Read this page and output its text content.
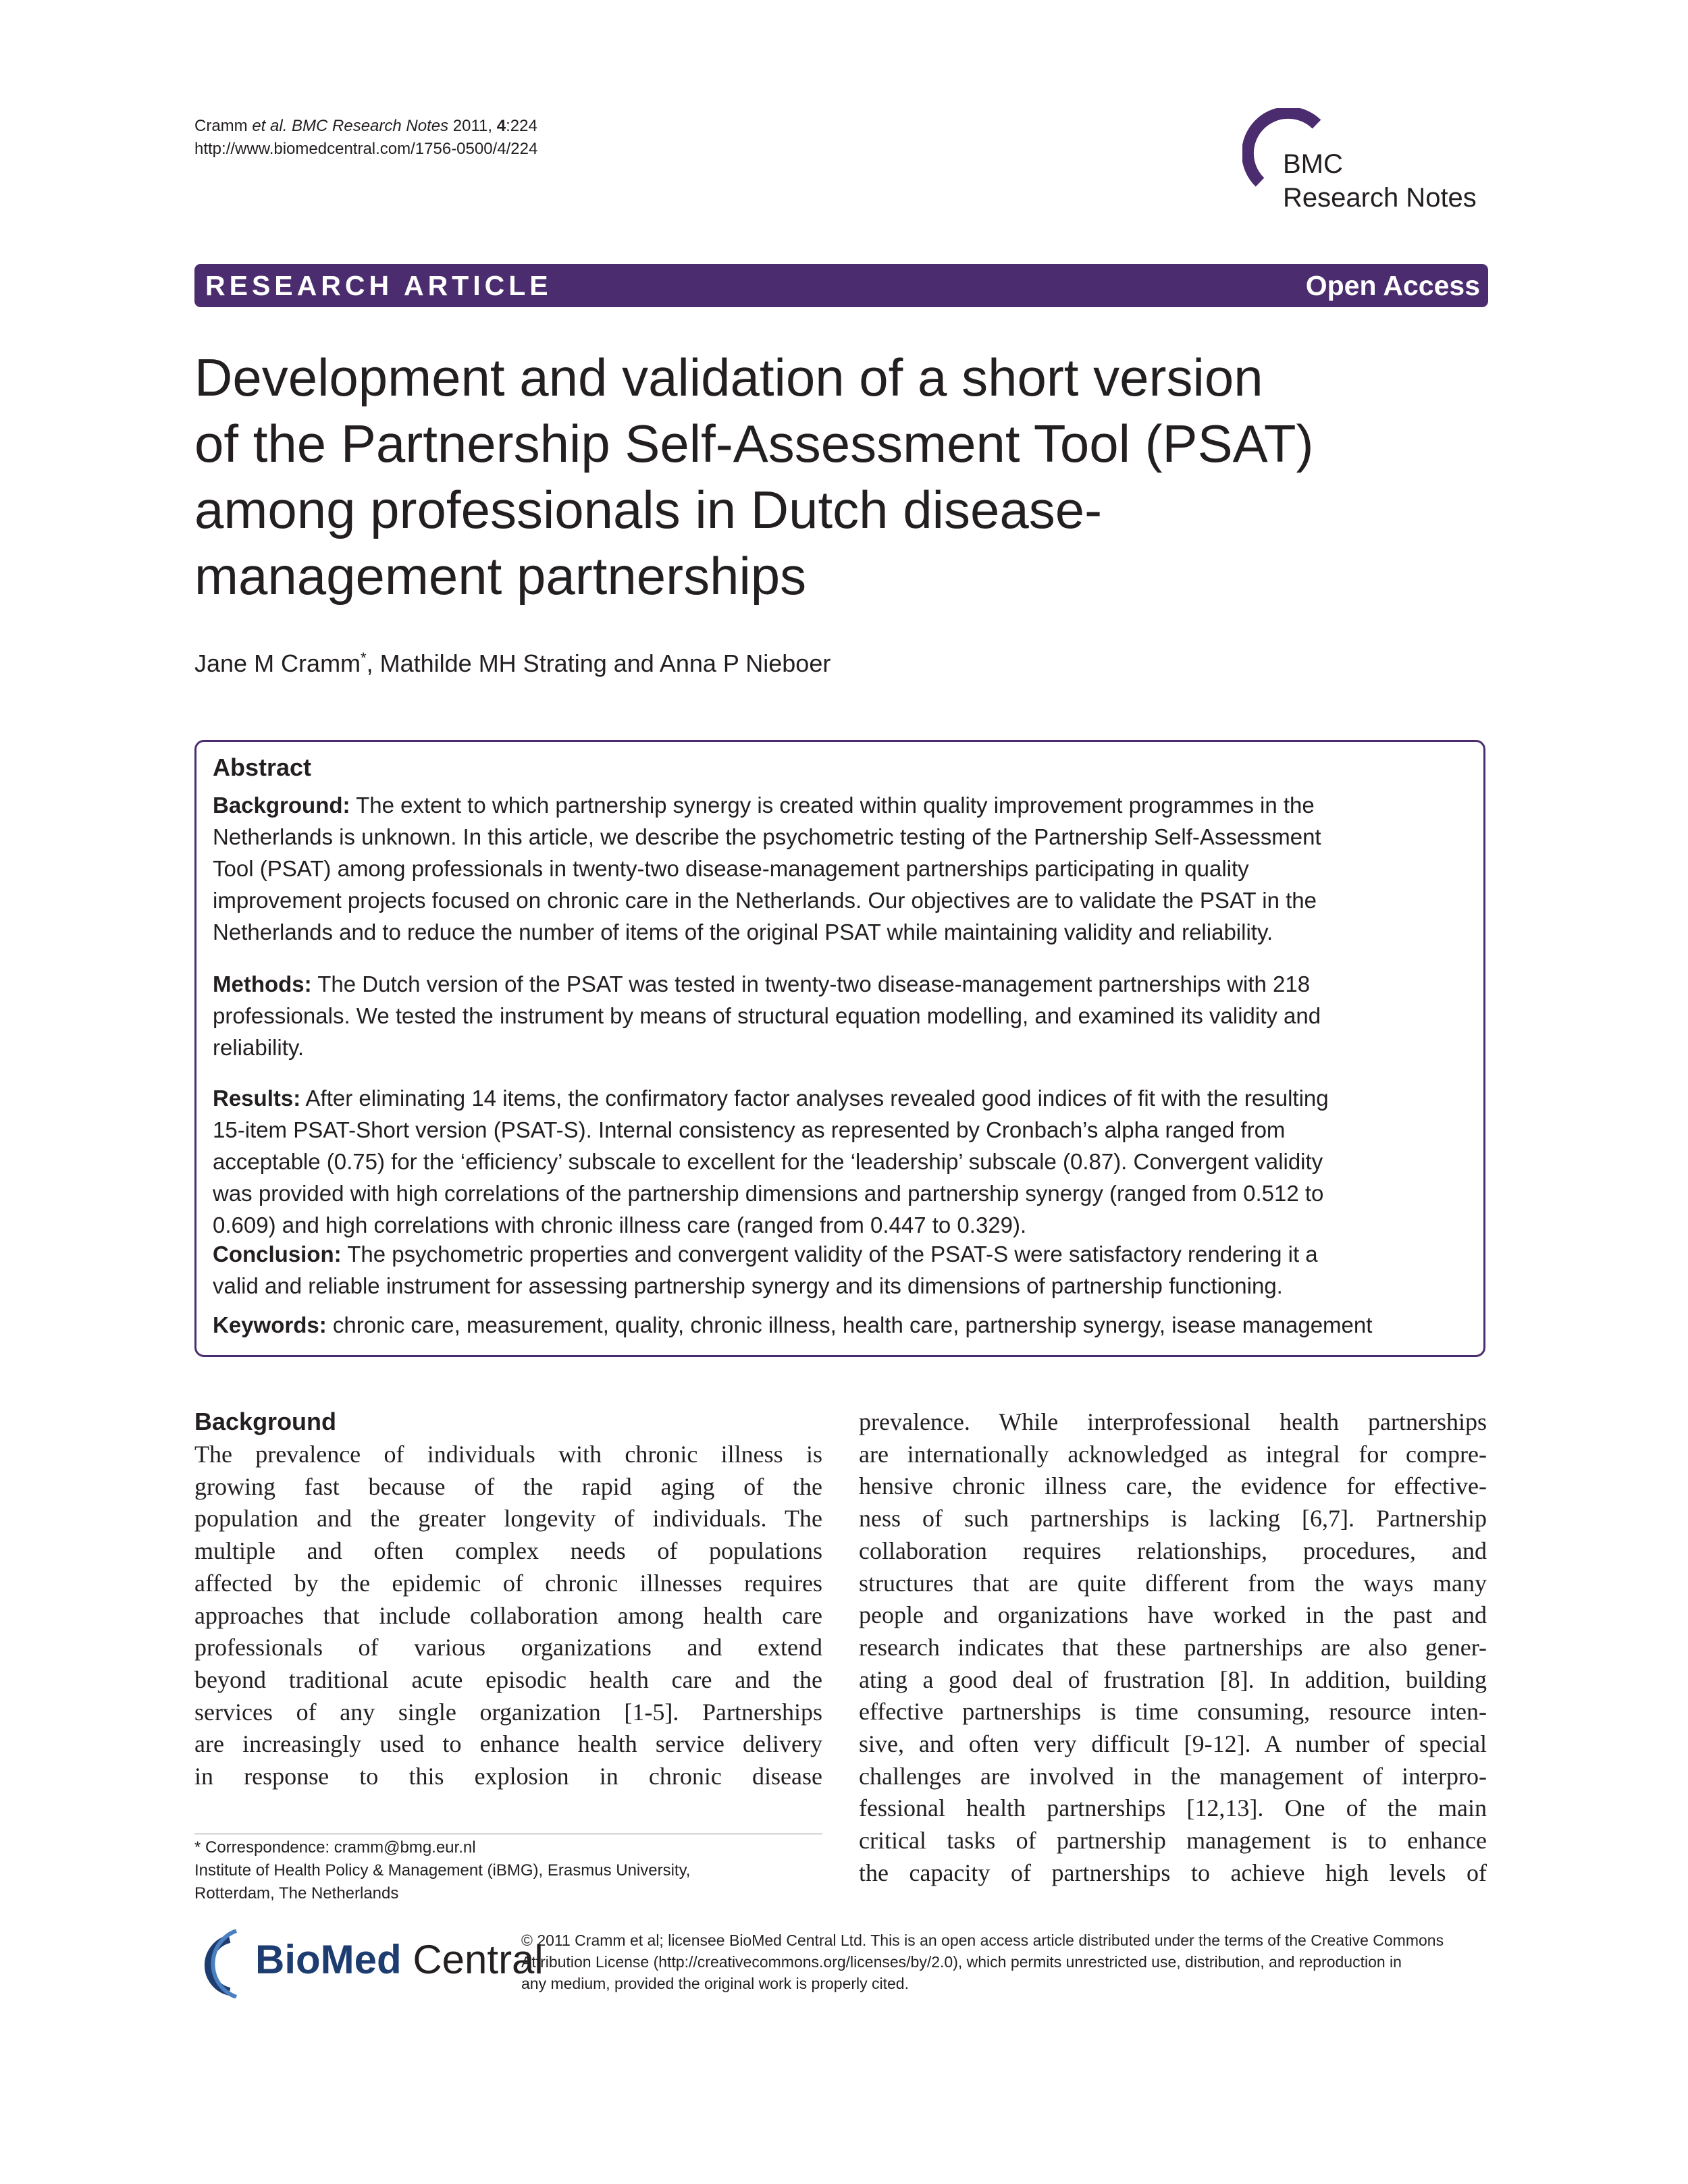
Cramm et al. BMC Research Notes 2011, 4:224
http://www.biomedcentral.com/1756-0500/4/224
BMC
Research Notes
RESEARCH ARTICLE	Open Access
Development and validation of a short version
of the Partnership Self-Assessment Tool (PSAT)
among professionals in Dutch disease-
management partnerships
Jane M Cramm*, Mathilde MH Strating and Anna P Nieboer
Abstract
Background: The extent to which partnership synergy is created within quality improvement programmes in the
Netherlands is unknown. In this article, we describe the psychometric testing of the Partnership Self-Assessment
Tool (PSAT) among professionals in twenty-two disease-management partnerships participating in quality
improvement projects focused on chronic care in the Netherlands. Our objectives are to validate the PSAT in the
Netherlands and to reduce the number of items of the original PSAT while maintaining validity and reliability.
Methods: The Dutch version of the PSAT was tested in twenty-two disease-management partnerships with 218
professionals. We tested the instrument by means of structural equation modelling, and examined its validity and
reliability.
Results: After eliminating 14 items, the confirmatory factor analyses revealed good indices of fit with the resulting
15-item PSAT-Short version (PSAT-S). Internal consistency as represented by Cronbach’s alpha ranged from
acceptable (0.75) for the ‘efficiency’ subscale to excellent for the ‘leadership’ subscale (0.87). Convergent validity
was provided with high correlations of the partnership dimensions and partnership synergy (ranged from 0.512 to
0.609) and high correlations with chronic illness care (ranged from 0.447 to 0.329).
Conclusion: The psychometric properties and convergent validity of the PSAT-S were satisfactory rendering it a
valid and reliable instrument for assessing partnership synergy and its dimensions of partnership functioning.
Keywords: chronic care, measurement, quality, chronic illness, health care, partnership synergy, isease management
Background
The prevalence of individuals with chronic illness is
growing fast because of the rapid aging of the
population and the greater longevity of individuals. The
multiple and often complex needs of populations
affected by the epidemic of chronic illnesses requires
approaches that include collaboration among health care
professionals of various organizations and extend
beyond traditional acute episodic health care and the
services of any single organization [1-5]. Partnerships
are increasingly used to enhance health service delivery
in response to this explosion in chronic disease
prevalence. While interprofessional health partnerships
are internationally acknowledged as integral for compre-
hensive chronic illness care, the evidence for effective-
ness of such partnerships is lacking [6,7]. Partnership
collaboration requires relationships, procedures, and
structures that are quite different from the ways many
people and organizations have worked in the past and
research indicates that these partnerships are also gener-
ating a good deal of frustration [8]. In addition, building
effective partnerships is time consuming, resource inten-
sive, and often very difficult [9-12]. A number of special
challenges are involved in the management of interpro-
fessional health partnerships [12,13]. One of the main
critical tasks of partnership management is to enhance
the capacity of partnerships to achieve high levels of
* Correspondence: cramm@bmg.eur.nl
Institute of Health Policy & Management (iBMG), Erasmus University,
Rotterdam, The Netherlands
BioMed Central
© 2011 Cramm et al; licensee BioMed Central Ltd. This is an open access article distributed under the terms of the Creative Commons
Attribution License (http://creativecommons.org/licenses/by/2.0), which permits unrestricted use, distribution, and reproduction in
any medium, provided the original work is properly cited.
